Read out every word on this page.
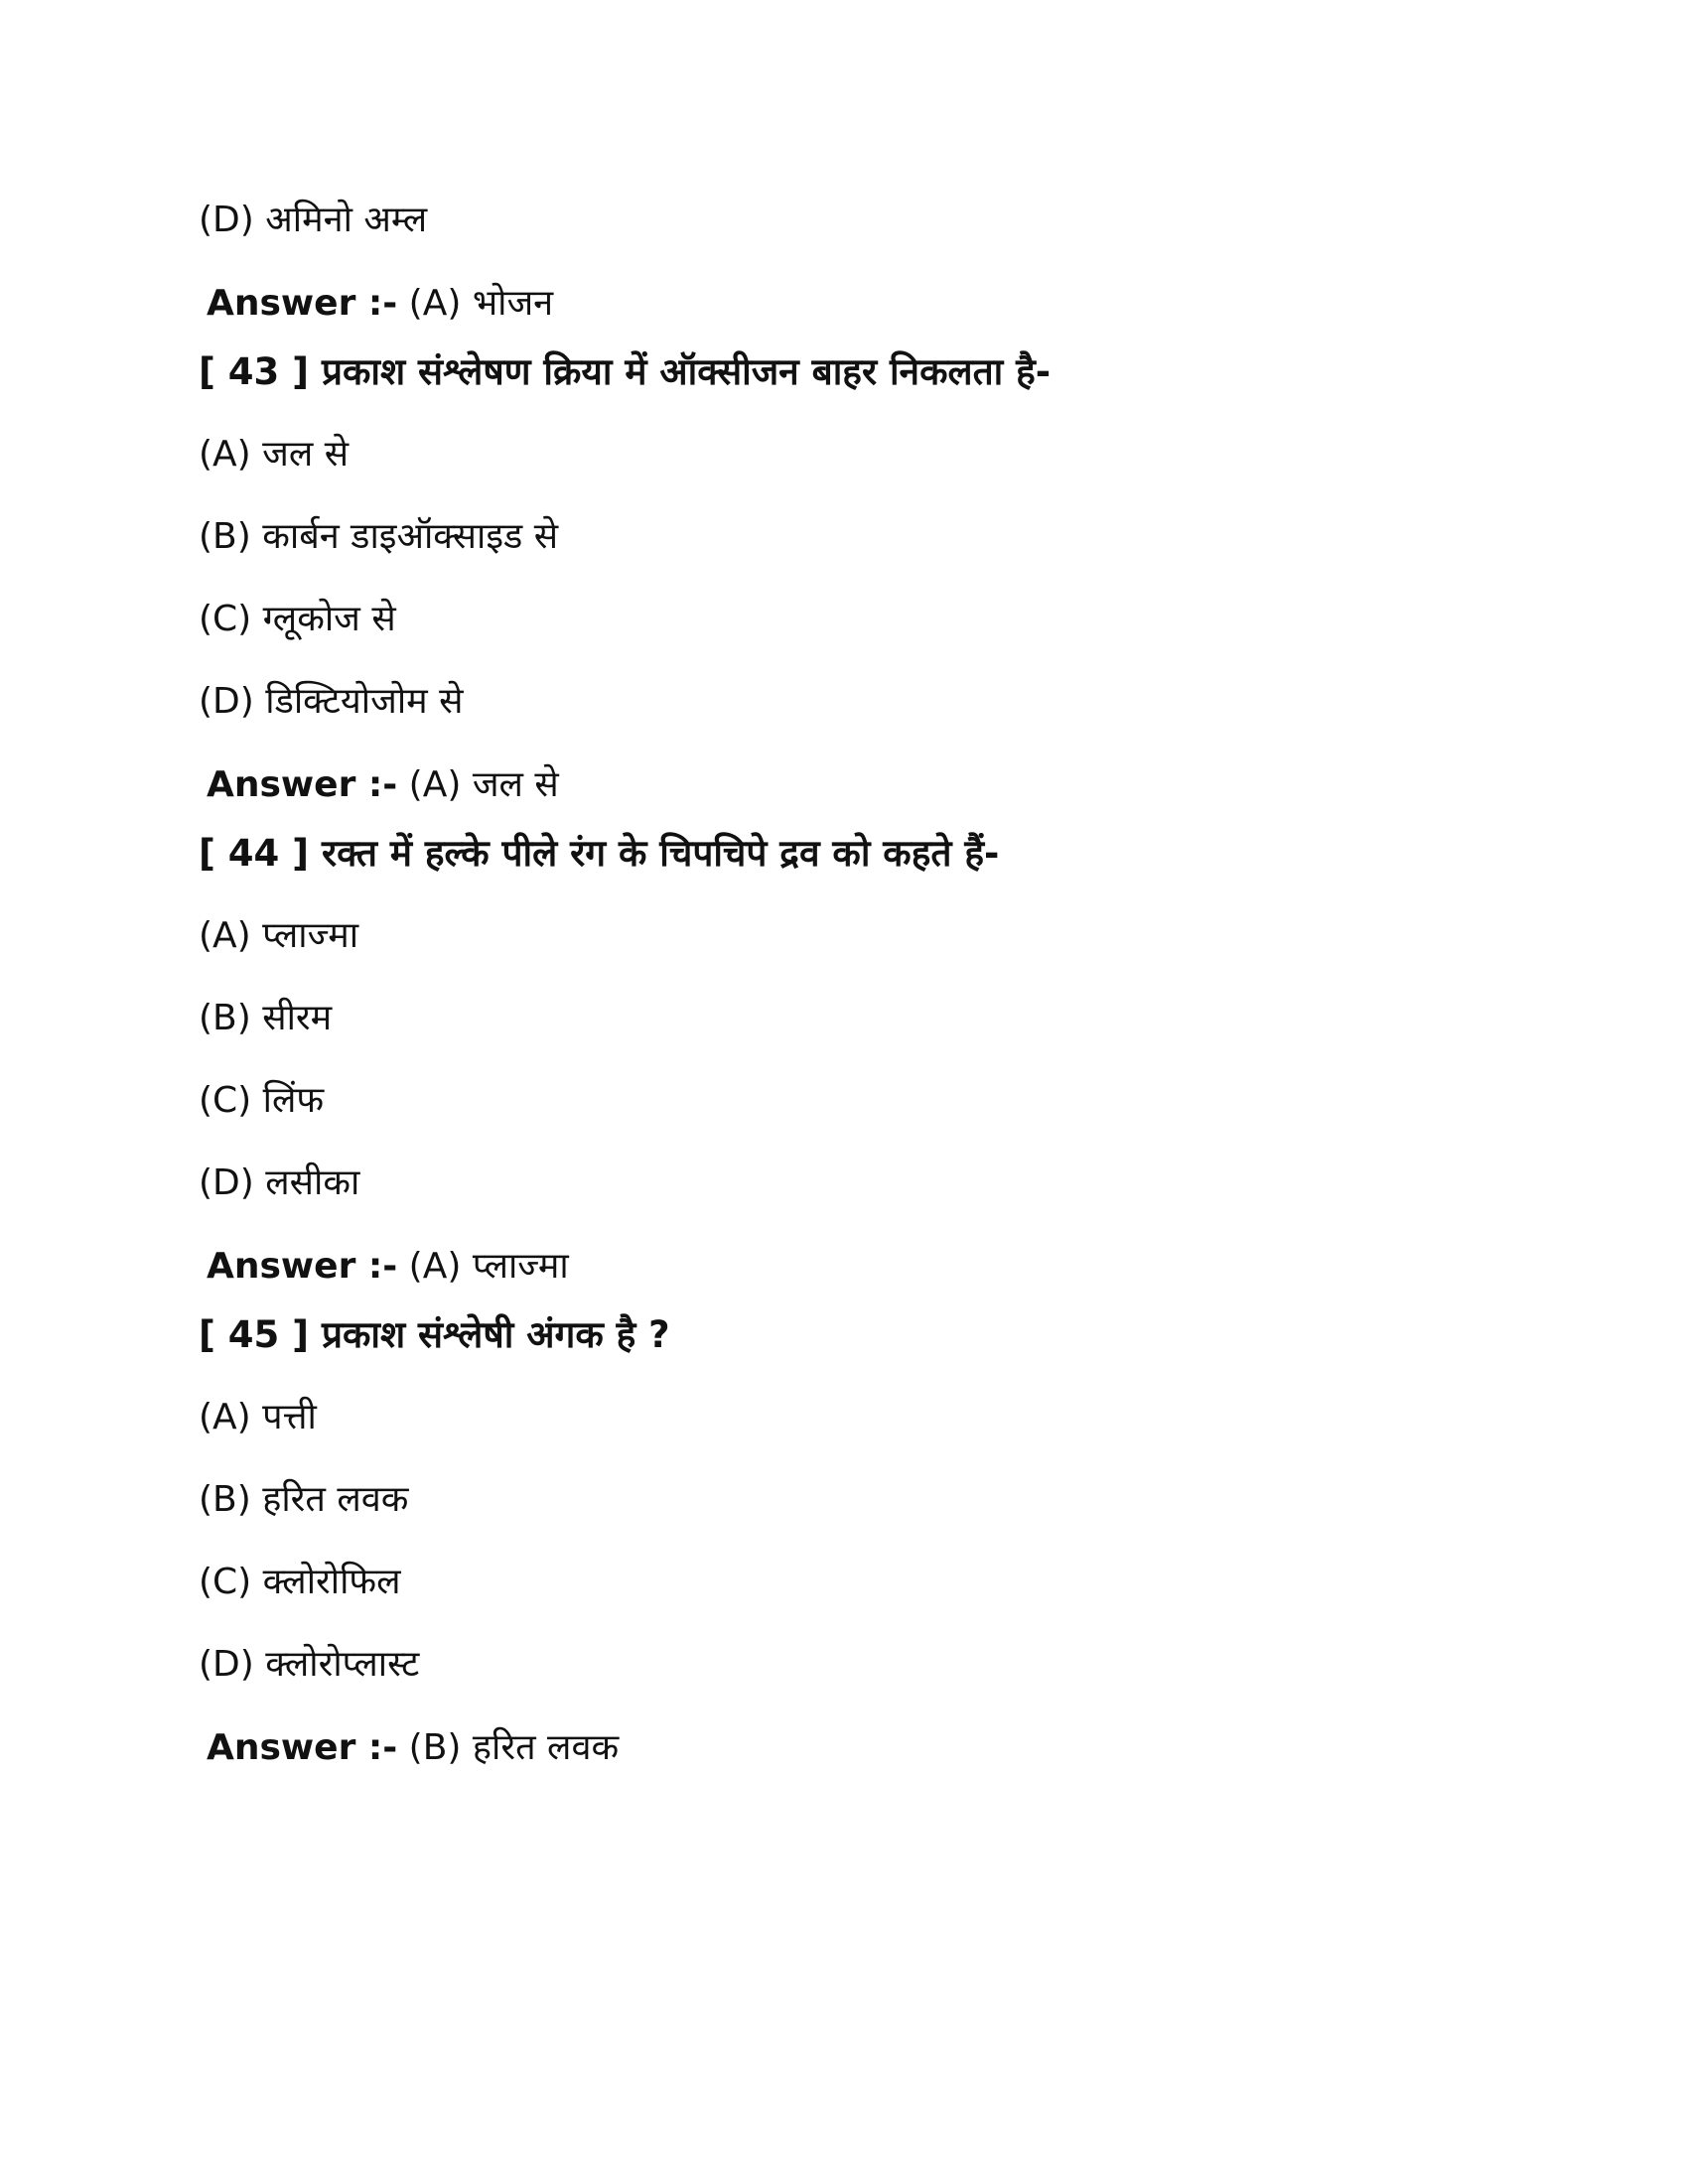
(D) अमिनो अम्ल
Answer :- (A) भोजन
[ 43 ] प्रकाश संश्लेषण क्रिया में ऑक्सीजन बाहर निकलता है-
(A) जल से
(B) कार्बन डाइऑक्साइड से
(C) ग्लूकोज से
(D) डिक्टियोजोम से
Answer :- (A) जल से
[ 44 ] रक्त में हल्के पीले रंग के चिपचिपे द्रव को कहते हैं-
(A) प्लाज्मा
(B) सीरम
(C) लिंफ
(D) लसीका
Answer :- (A) प्लाज्मा
[ 45 ] प्रकाश संश्लेषी अंगक है ?
(A) पत्ती
(B) हरित लवक
(C) क्लोरोफिल
(D) क्लोरोप्लास्ट
Answer :- (B) हरित लवक
